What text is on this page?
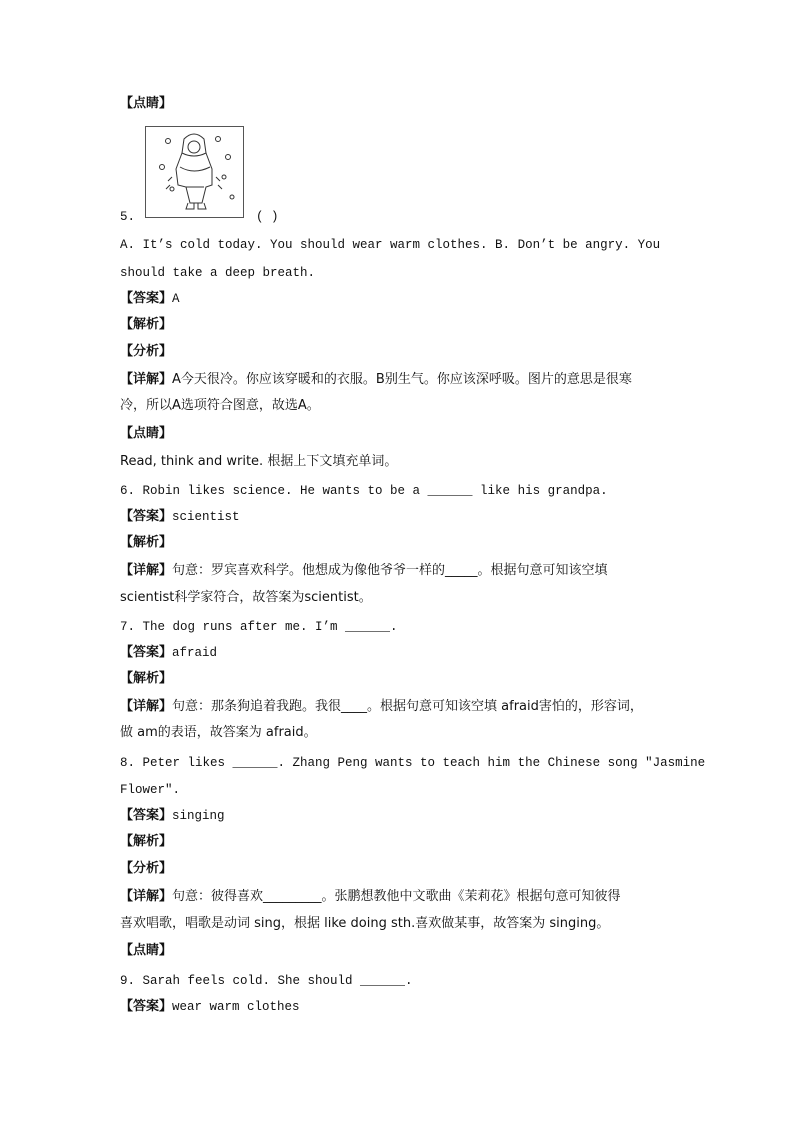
【点睛】
5.	( )
A. It’s cold today. You should wear warm clothes. B. Don’t be angry. You
should take a deep breath.
【答案】A
【解析】
【分析】
【详解】A今天很冷。你应该穿暖和的衣服。B别生气。你应该深呼吸。图片的意思是很寒
冷，所以A选项符合图意，故选A。
【点睛】
Read, think and write. 根据上下文填充单词。
6. Robin likes science. He wants to be a ______ like his grandpa.
【答案】scientist
【解析】
【详解】句意：罗宾喜欢科学。他想成为像他爷爷一样的_____。根据句意可知该空填
scientist科学家符合，故答案为scientist。
7. The dog runs after me. I’m ______.
【答案】afraid
【解析】
【详解】句意：那条狗追着我跑。我很____。根据句意可知该空填 afraid害怕的，形容词，
做 am的表语，故答案为 afraid。
8. Peter likes ______. Zhang Peng wants to teach him the Chinese song "Jasmine
Flower".
【答案】singing
【解析】
【分析】
【详解】句意：彼得喜欢_________。张鹏想教他中文歌曲《茉莉花》根据句意可知彼得
喜欢唱歌，唱歌是动词 sing，根据 like doing sth.喜欢做某事，故答案为 singing。
【点睛】
9. Sarah feels cold. She should ______.
【答案】wear warm clothes
